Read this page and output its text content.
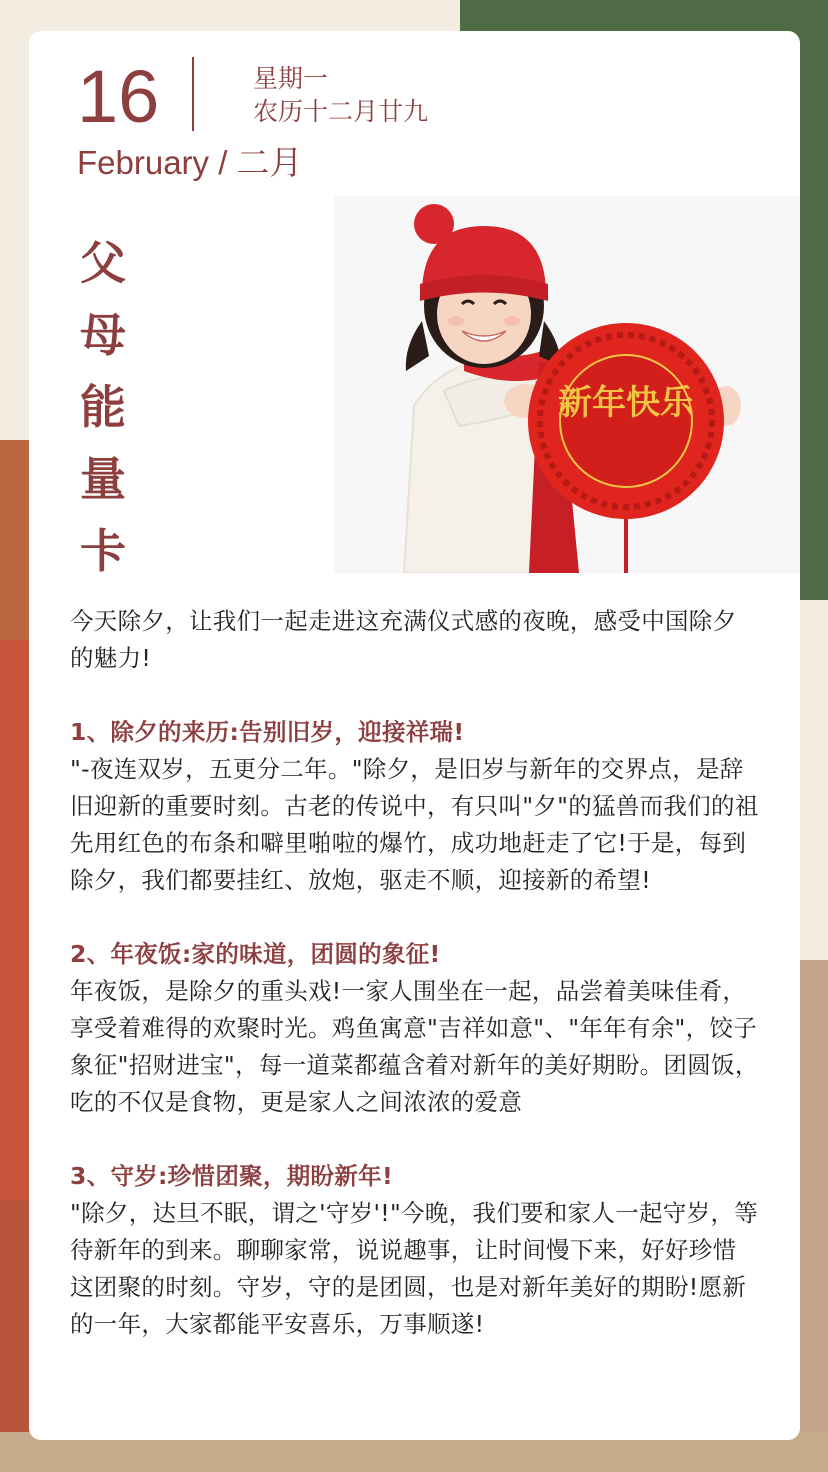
16	星期一
农历十二月廿九
February / 二月
父
母
能
量
卡
新年快乐

今天除夕，让我们一起走进这充满仪式感的夜晚，感受中国除夕的魅力!

1、除夕的来历:告别旧岁，迎接祥瑞!

"-夜连双岁，五更分二年。"除夕，是旧岁与新年的交界点，是辞旧迎新的重要时刻。古老的传说中，有只叫"夕"的猛兽而我们的祖先用红色的布条和噼里啪啦的爆竹，成功地赶走了它!于是，每到除夕，我们都要挂红、放炮，驱走不顺，迎接新的希望!

2、年夜饭:家的味道，团圆的象征!

年夜饭，是除夕的重头戏!一家人围坐在一起，品尝着美味佳肴，享受着难得的欢聚时光。鸡鱼寓意"吉祥如意"、"年年有余"，饺子象征"招财进宝"，每一道菜都蕴含着对新年的美好期盼。团圆饭，吃的不仅是食物，更是家人之间浓浓的爱意

3、守岁:珍惜团聚，期盼新年!

"除夕，达旦不眠，谓之'守岁'!"今晚，我们要和家人一起守岁，等待新年的到来。聊聊家常，说说趣事，让时间慢下来，好好珍惜这团聚的时刻。守岁，守的是团圆，也是对新年美好的期盼!愿新的一年，大家都能平安喜乐，万事顺遂!
